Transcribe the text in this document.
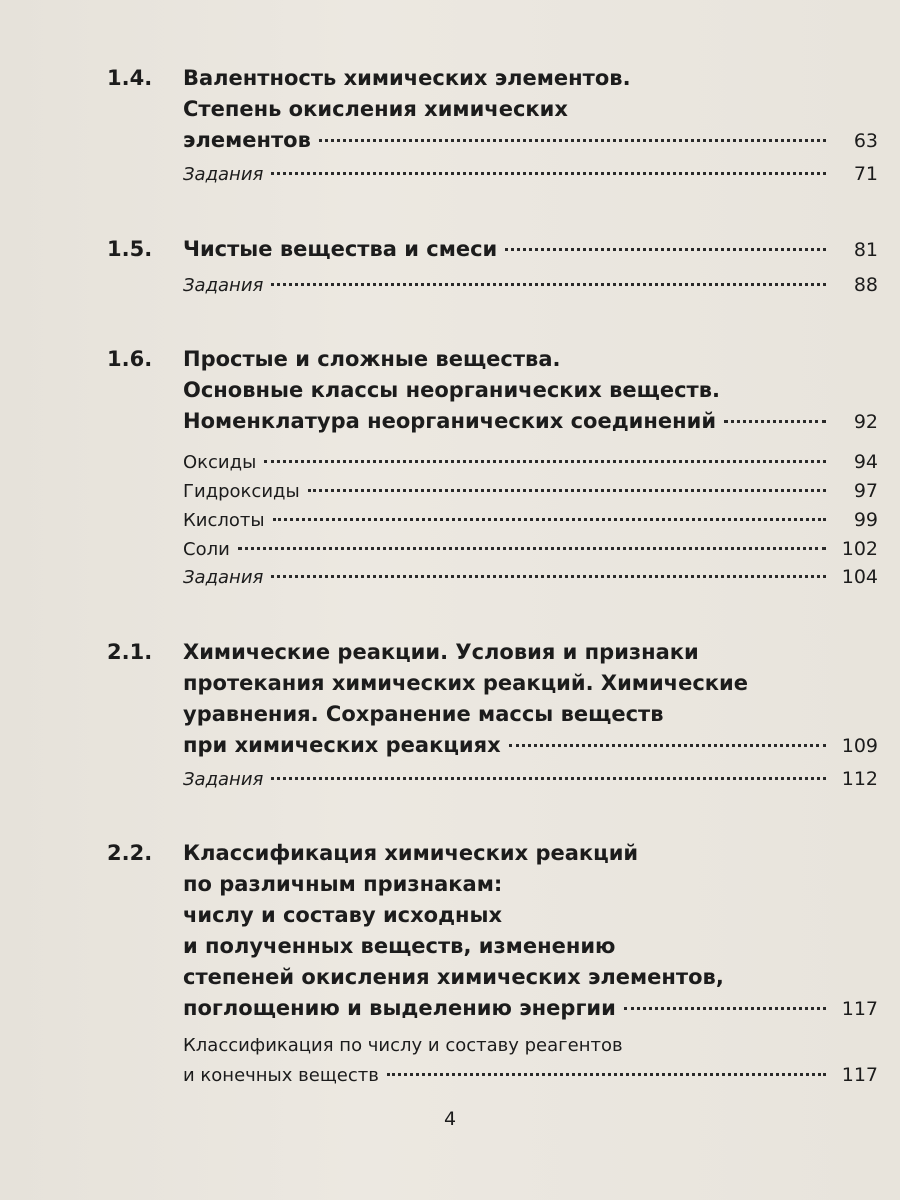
1.4. Валентность химических элементов.
Степень окисления химических
элементов	63
Задания	71
1.5. Чистые вещества и смеси	81
Задания	88
1.6. Простые и сложные вещества.
Основные классы неорганических веществ.
Номенклатура неорганических соединений	92
Оксиды	94
Гидроксиды	97
Кислоты	99
Соли	102
Задания	104
2.1. Химические реакции. Условия и признаки
протекания химических реакций. Химические
уравнения. Сохранение массы веществ
при химических реакциях	109
Задания	112
2.2. Классификация химических реакций
по различным признакам:
числу и составу исходных
и полученных веществ, изменению
степеней окисления химических элементов,
поглощению и выделению энергии	117
Классификация по числу и составу реагентов
и конечных веществ	117
4
